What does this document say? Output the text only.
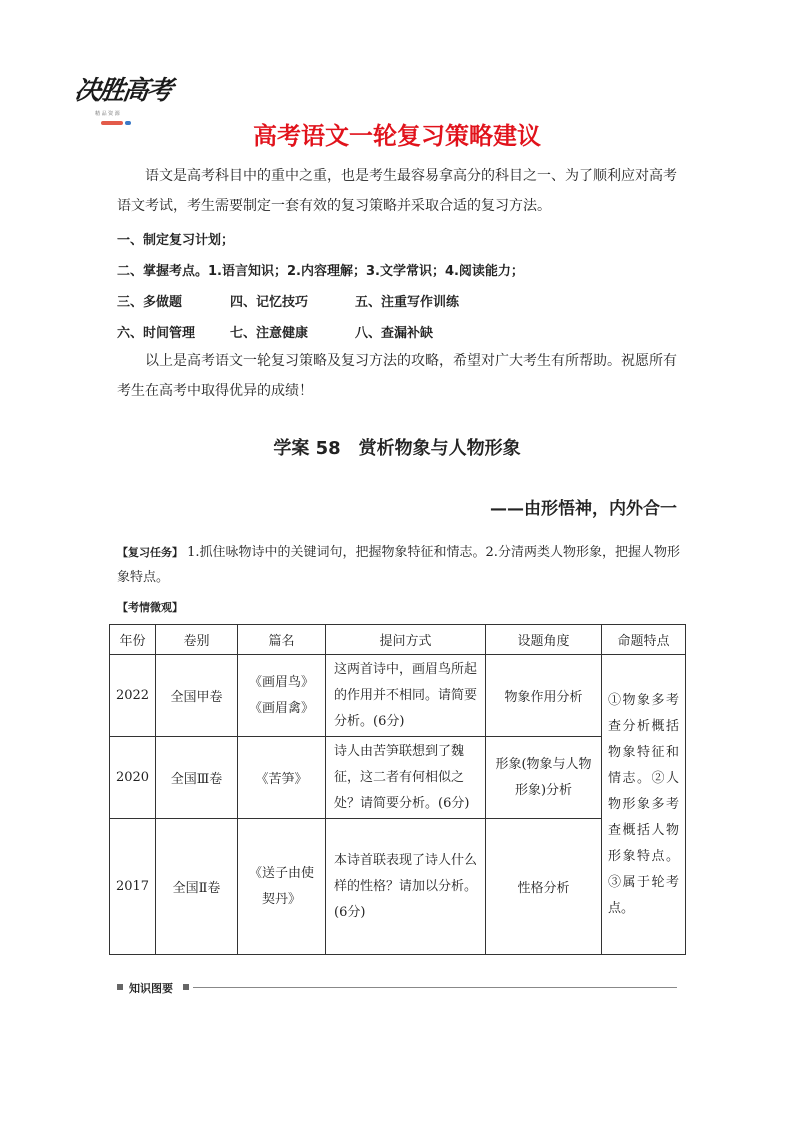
决胜高考
精 品 资 源
高考语文一轮复习策略建议
语文是高考科目中的重中之重，也是考生最容易拿高分的科目之一、为了顺利应对高考语文考试，考生需要制定一套有效的复习策略并采取合适的复习方法。
一、制定复习计划；
二、掌握考点。1.语言知识；2.内容理解；3.文学常识；4.阅读能力；
三、多做题	四、记忆技巧	五、注重写作训练
六、时间管理	七、注意健康	八、查漏补缺
以上是高考语文一轮复习策略及复习方法的攻略，希望对广大考生有所帮助。祝愿所有考生在高考中取得优异的成绩！
学案 58　赏析物象与人物形象
——由形悟神，内外合一
【复习任务】 1.抓住咏物诗中的关键词句，把握物象特征和情志。2.分清两类人物形象，把握人物形象特点。
【考情微观】
年份	卷别	篇名	提问方式	设题角度	命题特点
2022	全国甲卷	《画眉鸟》《画眉禽》	这两首诗中，画眉鸟所起的作用并不相同。请简要分析。(6分)	物象作用分析	①物象多考查分析概括物象特征和情志。②人物形象多考查概括人物形象特点。③属于轮考点。
2020	全国Ⅲ卷	《苦笋》	诗人由苦笋联想到了魏征，这二者有何相似之处？请简要分析。(6分)	形象(物象与人物形象)分析	
2017	全国Ⅱ卷	《送子由使契丹》	本诗首联表现了诗人什么样的性格？请加以分析。(6分)	性格分析	
知识图要
